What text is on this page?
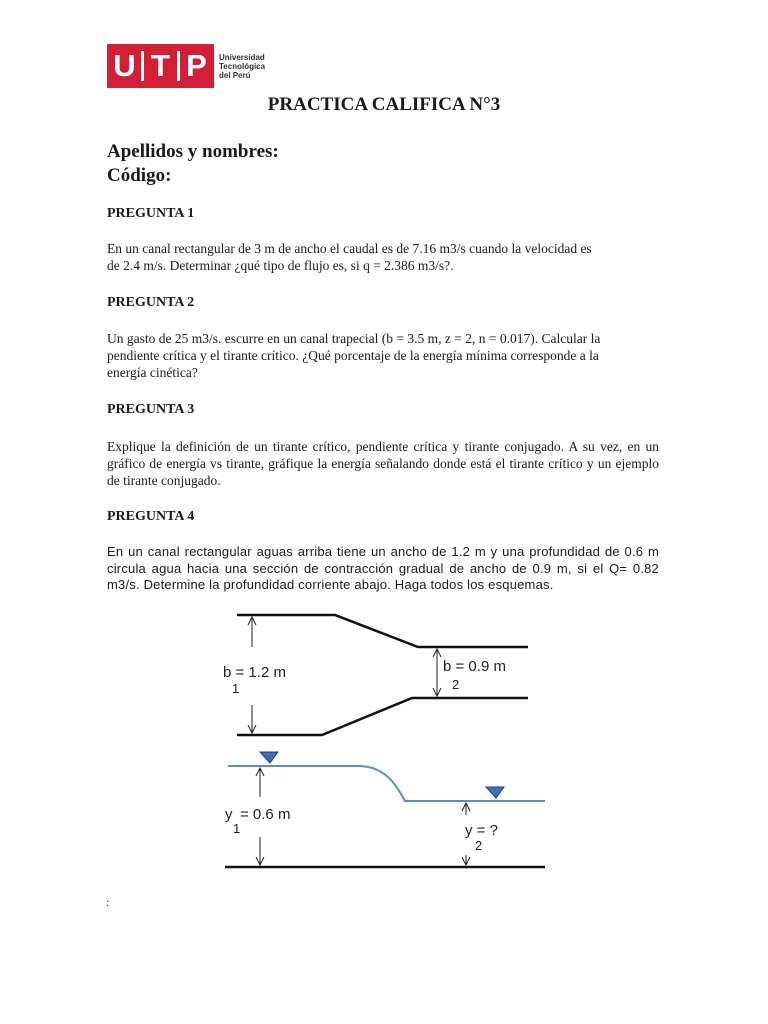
U T P	Universidad
Tecnológica
del Perú
PRACTICA CALIFICA N°3
Apellidos y nombres:
Código:
PREGUNTA 1
En un canal rectangular de 3 m de ancho el caudal es de 7.16 m3/s cuando la velocidad es
de 2.4 m/s. Determinar ¿qué tipo de flujo es, si q = 2.386 m3/s?.
PREGUNTA 2
Un gasto de 25 m3/s. escurre en un canal trapecial (b = 3.5 m, z = 2, n = 0.017). Calcular la
pendiente crítica y el tirante crítico. ¿Qué porcentaje de la energía mínima corresponde a la
energía cinética?
PREGUNTA 3
Explique la definición de un tirante crítico, pendiente crítica y tirante conjugado. A su vez, en un gráfico de energía vs tirante, gráfique la energía señalando donde está el tirante crítico y un ejemplo de tirante conjugado.
PREGUNTA 4
En un canal rectangular aguas arriba tiene un ancho de 1.2 m y una profundidad de 0.6 m circula agua hacia una sección de contracción gradual de ancho de 0.9 m, si el Q= 0.82 m3/s. Determine la profundidad corriente abajo. Haga todos los esquemas.
b = 1.2 m
1
b = 0.9 m
2
y = 0.6 m
1	y = ?
2
:
